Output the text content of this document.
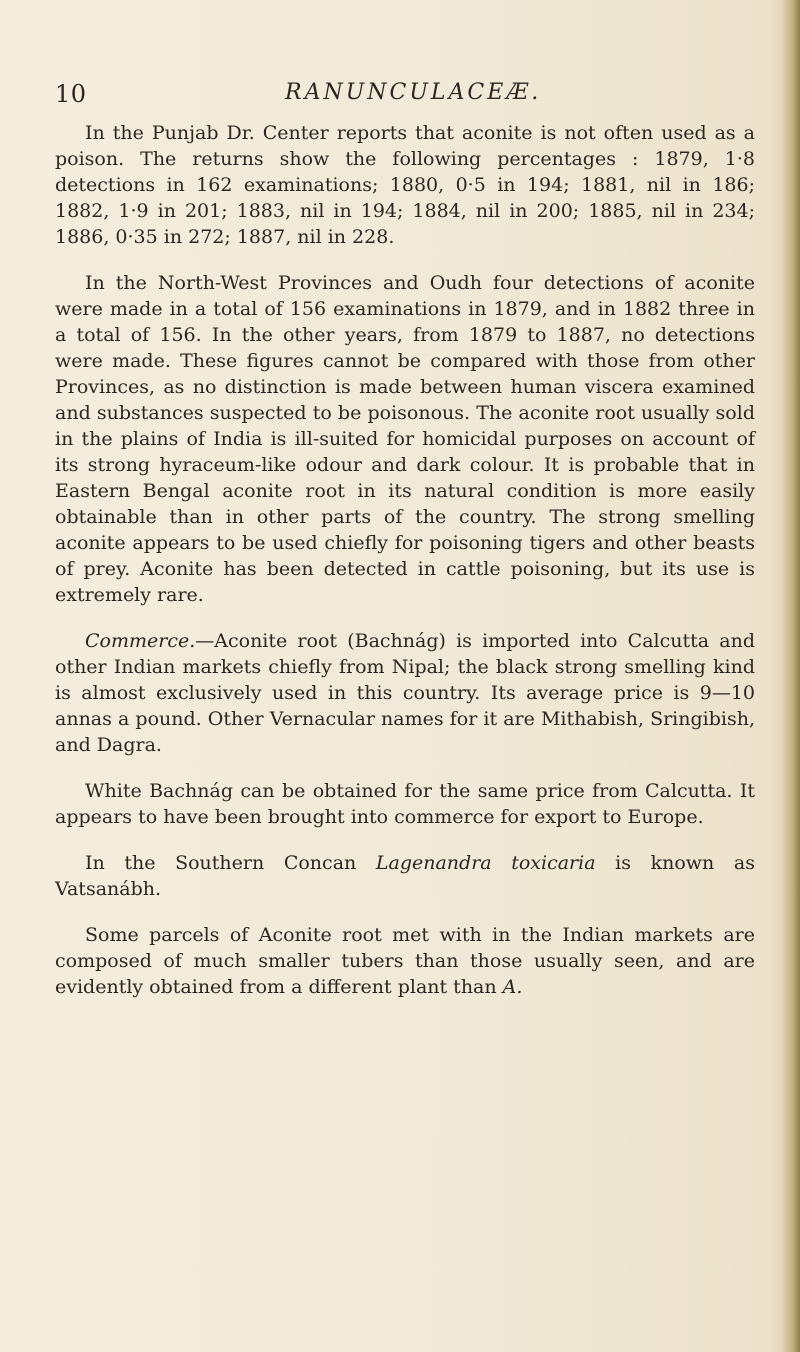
10	RANUNCULACEÆ.

In the Punjab Dr. Center reports that aconite is not often used as a poison. The returns show the following percentages : 1879, 1·8 detections in 162 examinations; 1880, 0·5 in 194; 1881, nil in 186; 1882, 1·9 in 201; 1883, nil in 194; 1884, nil in 200; 1885, nil in 234; 1886, 0·35 in 272; 1887, nil in 228.

In the North-West Provinces and Oudh four detections of aconite were made in a total of 156 examinations in 1879, and in 1882 three in a total of 156. In the other years, from 1879 to 1887, no detections were made. These figures cannot be compared with those from other Provinces, as no distinction is made between human viscera examined and substances suspected to be poisonous. The aconite root usually sold in the plains of India is ill-suited for homicidal purposes on account of its strong hyraceum-like odour and dark colour. It is probable that in Eastern Bengal aconite root in its natural condition is more easily obtainable than in other parts of the country. The strong smelling aconite appears to be used chiefly for poisoning tigers and other beasts of prey. Aconite has been detected in cattle poisoning, but its use is extremely rare.

Commerce.—Aconite root (Bachnág) is imported into Calcutta and other Indian markets chiefly from Nipal; the black strong smelling kind is almost exclusively used in this country. Its average price is 9—10 annas a pound. Other Vernacular names for it are Mithabish, Sringibish, and Dagra.

White Bachnág can be obtained for the same price from Calcutta. It appears to have been brought into commerce for export to Europe.

In the Southern Concan Lagenandra toxicaria is known as Vatsanábh.

Some parcels of Aconite root met with in the Indian markets are composed of much smaller tubers than those usually seen, and are evidently obtained from a different plant than A.
